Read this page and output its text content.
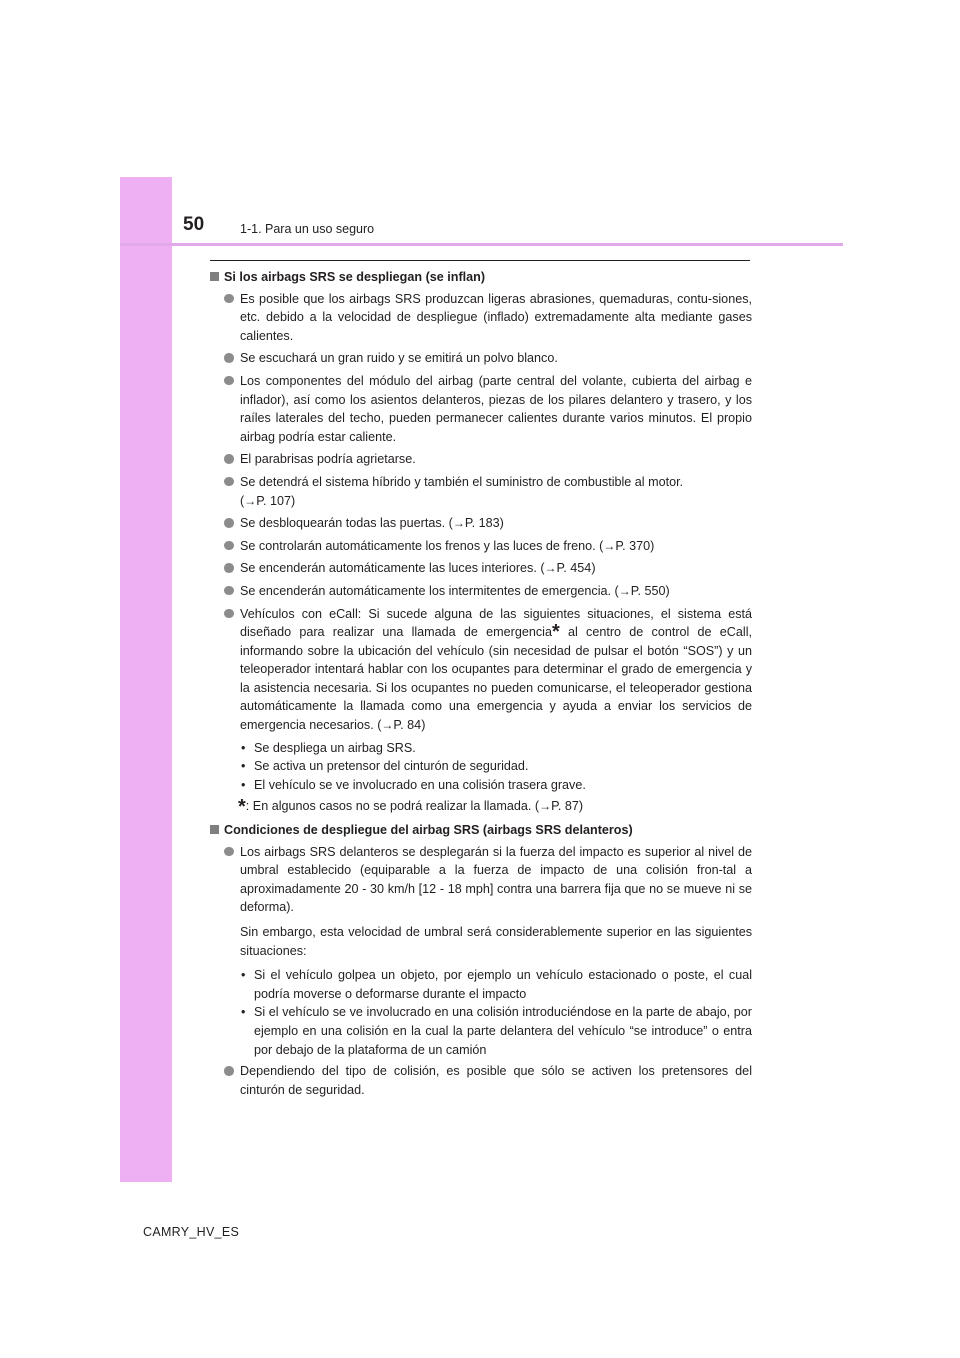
50	1-1. Para un uso seguro
Si los airbags SRS se despliegan (se inflan)
Es posible que los airbags SRS produzcan ligeras abrasiones, quemaduras, contu-siones, etc. debido a la velocidad de despliegue (inflado) extremadamente alta mediante gases calientes.
Se escuchará un gran ruido y se emitirá un polvo blanco.
Los componentes del módulo del airbag (parte central del volante, cubierta del airbag e inflador), así como los asientos delanteros, piezas de los pilares delantero y trasero, y los raíles laterales del techo, pueden permanecer calientes durante varios minutos. El propio airbag podría estar caliente.
El parabrisas podría agrietarse.
Se detendrá el sistema híbrido y también el suministro de combustible al motor.
(→P. 107)
Se desbloquearán todas las puertas. (→P. 183)
Se controlarán automáticamente los frenos y las luces de freno. (→P. 370)
Se encenderán automáticamente las luces interiores. (→P. 454)
Se encenderán automáticamente los intermitentes de emergencia. (→P. 550)
Vehículos con eCall: Si sucede alguna de las siguientes situaciones, el sistema está diseñado para realizar una llamada de emergencia* al centro de control de eCall, informando sobre la ubicación del vehículo (sin necesidad de pulsar el botón “SOS”) y un teleoperador intentará hablar con los ocupantes para determinar el grado de emergencia y la asistencia necesaria. Si los ocupantes no pueden comunicarse, el teleoperador gestiona automáticamente la llamada como una emergencia y ayuda a enviar los servicios de emergencia necesarios. (→P. 84)
• Se despliega un airbag SRS.
• Se activa un pretensor del cinturón de seguridad.
• El vehículo se ve involucrado en una colisión trasera grave.
*: En algunos casos no se podrá realizar la llamada. (→P. 87)
Condiciones de despliegue del airbag SRS (airbags SRS delanteros)
Los airbags SRS delanteros se desplegarán si la fuerza del impacto es superior al nivel de umbral establecido (equiparable a la fuerza de impacto de una colisión fron-tal a aproximadamente 20 - 30 km/h [12 - 18 mph] contra una barrera fija que no se mueve ni se deforma).
Sin embargo, esta velocidad de umbral será considerablemente superior en las siguientes situaciones:
• Si el vehículo golpea un objeto, por ejemplo un vehículo estacionado o poste, el cual podría moverse o deformarse durante el impacto
• Si el vehículo se ve involucrado en una colisión introduciéndose en la parte de abajo, por ejemplo en una colisión en la cual la parte delantera del vehículo “se introduce” o entra por debajo de la plataforma de un camión
Dependiendo del tipo de colisión, es posible que sólo se activen los pretensores del cinturón de seguridad.
CAMRY_HV_ES
